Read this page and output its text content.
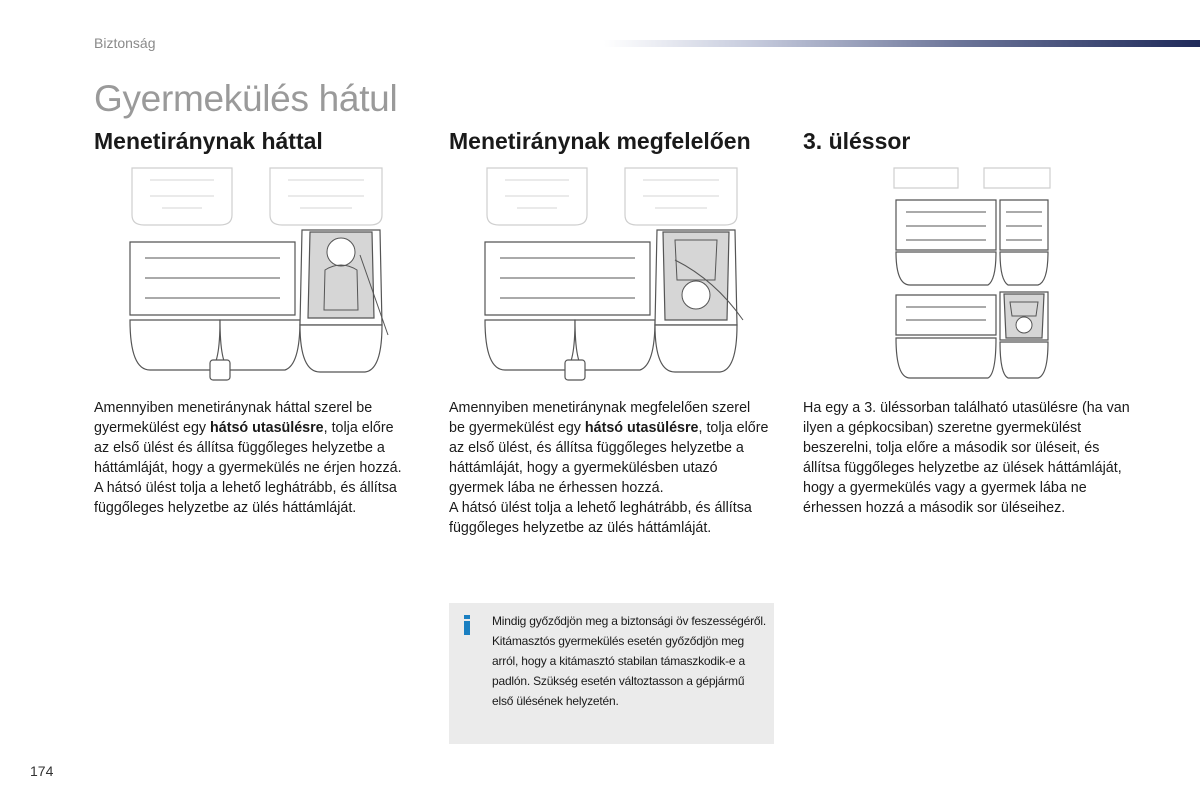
Biztonság
Gyermekülés hátul
Menetiránynak háttal

Amennyiben menetiránynak háttal szerel be gyermekülést egy hátsó utasülésre, tolja előre az első ülést és állítsa függőleges helyzetbe a háttámláját, hogy a gyermekülés ne érjen hozzá.

A hátsó ülést tolja a lehető leghátrább, és állítsa függőleges helyzetbe az ülés háttámláját.

Menetiránynak megfelelően

Amennyiben menetiránynak megfelelően szerel be gyermekülést egy hátsó utasülésre, tolja előre az első ülést, és állítsa függőleges helyzetbe a háttámláját, hogy a gyermekülésben utazó gyermek lába ne érhessen hozzá.

A hátsó ülést tolja a lehető leghátrább, és állítsa függőleges helyzetbe az ülés háttámláját.

3. üléssor

Ha egy a 3. üléssorban található utasülésre (ha van ilyen a gépkocsiban) szeretne gyermekülést beszerelni, tolja előre a második sor üléseit, és állítsa függőleges helyzetbe az ülések háttámláját, hogy a gyermekülés vagy a gyermek lába ne érhessen hozzá a második sor üléseihez.

Mindig győződjön meg a biztonsági öv feszességéről.

Kitámasztós gyermekülés esetén győződjön meg arról, hogy a kitámasztó stabilan támaszkodik-e a padlón. Szükség esetén változtasson a gépjármű első ülésének helyzetén.

174
